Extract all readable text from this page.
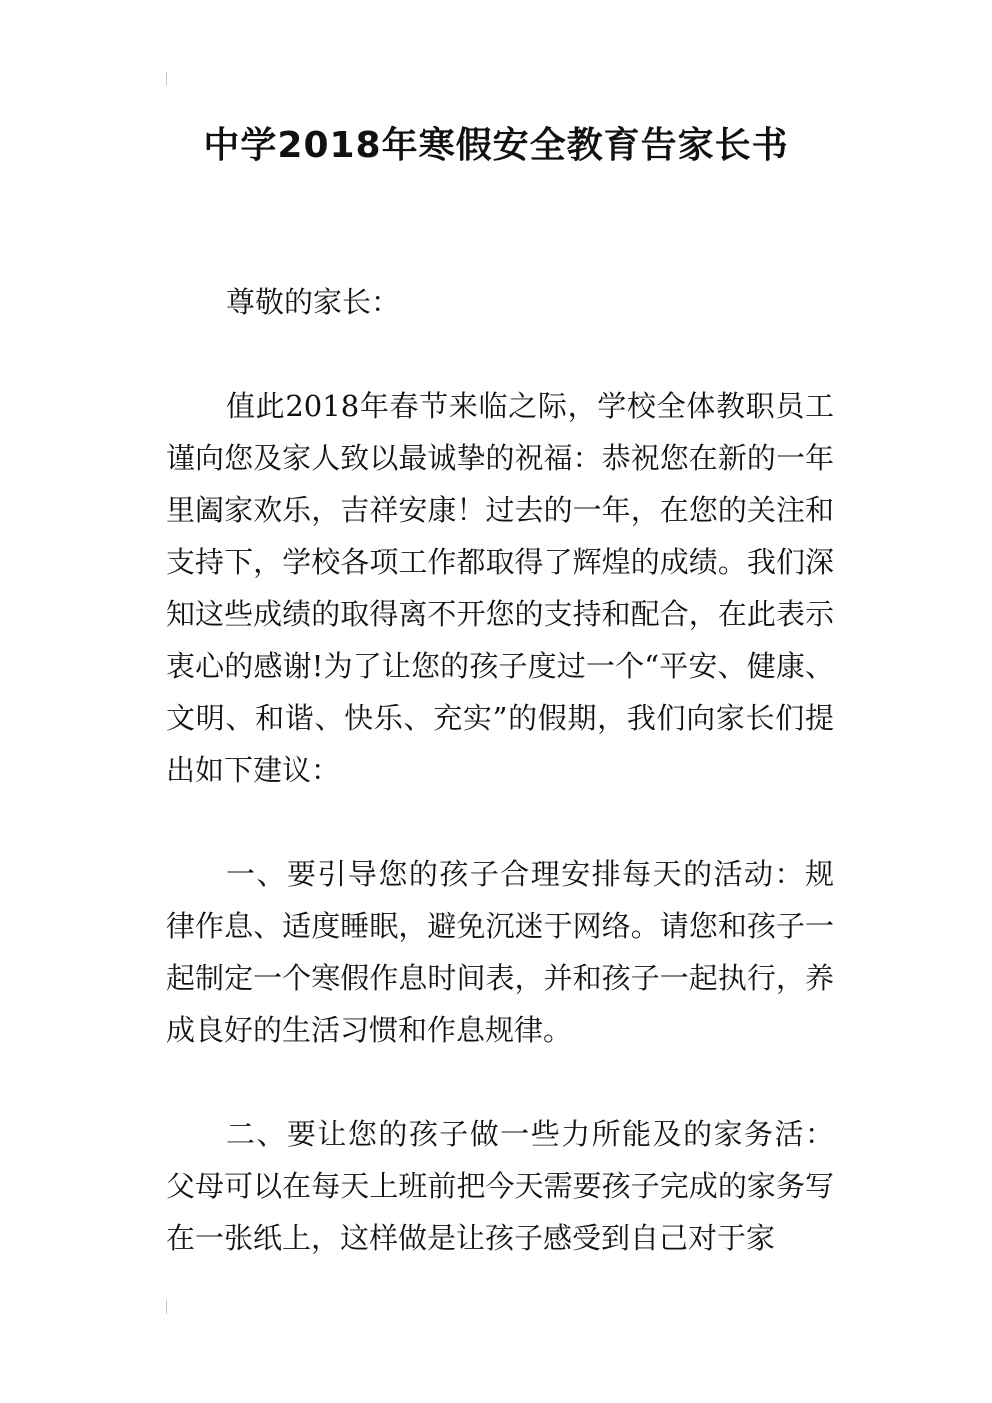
中学2018年寒假安全教育告家长书

尊敬的家长：

值此2018年春节来临之际，学校全体教职员工谨向您及家人致以最诚挚的祝福：恭祝您在新的一年里阖家欢乐，吉祥安康！过去的一年，在您的关注和支持下，学校各项工作都取得了辉煌的成绩。我们深知这些成绩的取得离不开您的支持和配合，在此表示衷心的感谢!为了让您的孩子度过一个“平安、健康、文明、和谐、快乐、充实”的假期，我们向家长们提出如下建议：

一、要引导您的孩子合理安排每天的活动：规律作息、适度睡眠，避免沉迷于网络。请您和孩子一起制定一个寒假作息时间表，并和孩子一起执行，养成良好的生活习惯和作息规律。

二、要让您的孩子做一些力所能及的家务活：父母可以在每天上班前把今天需要孩子完成的家务写在一张纸上，这样做是让孩子感受到自己对于家
